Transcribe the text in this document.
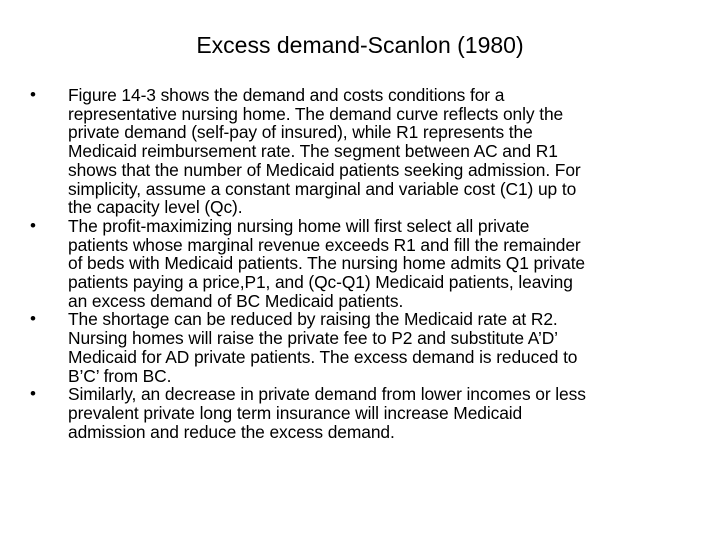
Excess demand-Scanlon (1980)
• Figure 14-3 shows the demand and costs conditions for a
representative nursing home. The demand curve reflects only the
private demand (self-pay of insured), while R1 represents the
Medicaid reimbursement rate. The segment between AC and R1
shows that the number of Medicaid patients seeking admission. For
simplicity, assume a constant marginal and variable cost (C1) up to
the capacity level (Qc).
• The profit-maximizing nursing home will first select all private
patients whose marginal revenue exceeds R1 and fill the remainder
of beds with Medicaid patients. The nursing home admits Q1 private
patients paying a price,P1, and (Qc-Q1) Medicaid patients, leaving
an excess demand of BC Medicaid patients.
• The shortage can be reduced by raising the Medicaid rate at R2.
Nursing homes will raise the private fee to P2 and substitute A’D’
Medicaid for AD private patients. The excess demand is reduced to
B’C’ from BC.
• Similarly, an decrease in private demand from lower incomes or less
prevalent private long term insurance will increase Medicaid
admission and reduce the excess demand.
